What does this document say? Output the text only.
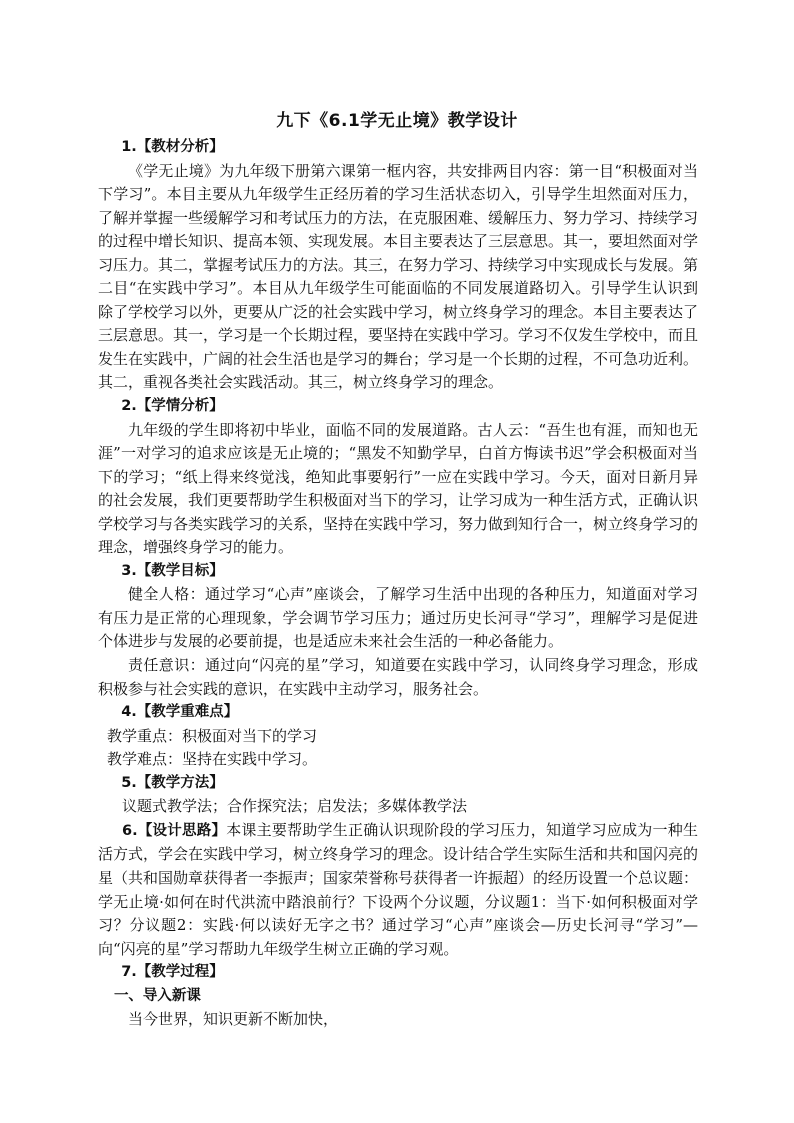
九下《6.1学无止境》教学设计

1.【教材分析】

《学无止境》为九年级下册第六课第一框内容，共安排两目内容：第一目“积极面对当下学习”。本目主要从九年级学生正经历着的学习生活状态切入，引导学生坦然面对压力，了解并掌握一些缓解学习和考试压力的方法，在克服困难、缓解压力、努力学习、持续学习的过程中增长知识、提高本领、实现发展。本目主要表达了三层意思。其一，要坦然面对学习压力。其二，掌握考试压力的方法。其三，在努力学习、持续学习中实现成长与发展。第二目“在实践中学习”。本目从九年级学生可能面临的不同发展道路切入。引导学生认识到除了学校学习以外，更要从广泛的社会实践中学习，树立终身学习的理念。本目主要表达了三层意思。其一，学习是一个长期过程，要坚持在实践中学习。学习不仅发生学校中，而且发生在实践中，广阔的社会生活也是学习的舞台；学习是一个长期的过程，不可急功近利。其二，重视各类社会实践活动。其三，树立终身学习的理念。

2.【学情分析】

九年级的学生即将初中毕业，面临不同的发展道路。古人云：“吾生也有涯，而知也无涯”一对学习的追求应该是无止境的；“黑发不知勤学早，白首方悔读书迟”学会积极面对当下的学习；“纸上得来终觉浅，绝知此事要躬行”一应在实践中学习。今天，面对日新月异的社会发展，我们更要帮助学生积极面对当下的学习，让学习成为一种生活方式，正确认识学校学习与各类实践学习的关系，坚持在实践中学习，努力做到知行合一，树立终身学习的理念，增强终身学习的能力。

3.【教学目标】

健全人格：通过学习“心声”座谈会，了解学习生活中出现的各种压力，知道面对学习有压力是正常的心理现象，学会调节学习压力；通过历史长河寻“学习”，理解学习是促进个体进步与发展的必要前提，也是适应未来社会生活的一种必备能力。

责任意识：通过向“闪亮的星”学习，知道要在实践中学习，认同终身学习理念，形成积极参与社会实践的意识，在实践中主动学习，服务社会。

4.【教学重难点】

教学重点：积极面对当下的学习

教学难点：坚持在实践中学习。

5.【教学方法】

议题式教学法；合作探究法；启发法；多媒体教学法

6.【设计思路】本课主要帮助学生正确认识现阶段的学习压力，知道学习应成为一种生活方式，学会在实践中学习，树立终身学习的理念。设计结合学生实际生活和共和国闪亮的星（共和国勋章获得者一李振声；国家荣誉称号获得者一许振超）的经历设置一个总议题：学无止境·如何在时代洪流中踏浪前行？下设两个分议题，分议题1：当下·如何积极面对学习？分议题2：实践·何以读好无字之书？通过学习“心声”座谈会—历史长河寻“学习”—向“闪亮的星”学习帮助九年级学生树立正确的学习观。

7.【教学过程】

一、导入新课

当今世界，知识更新不断加快，
